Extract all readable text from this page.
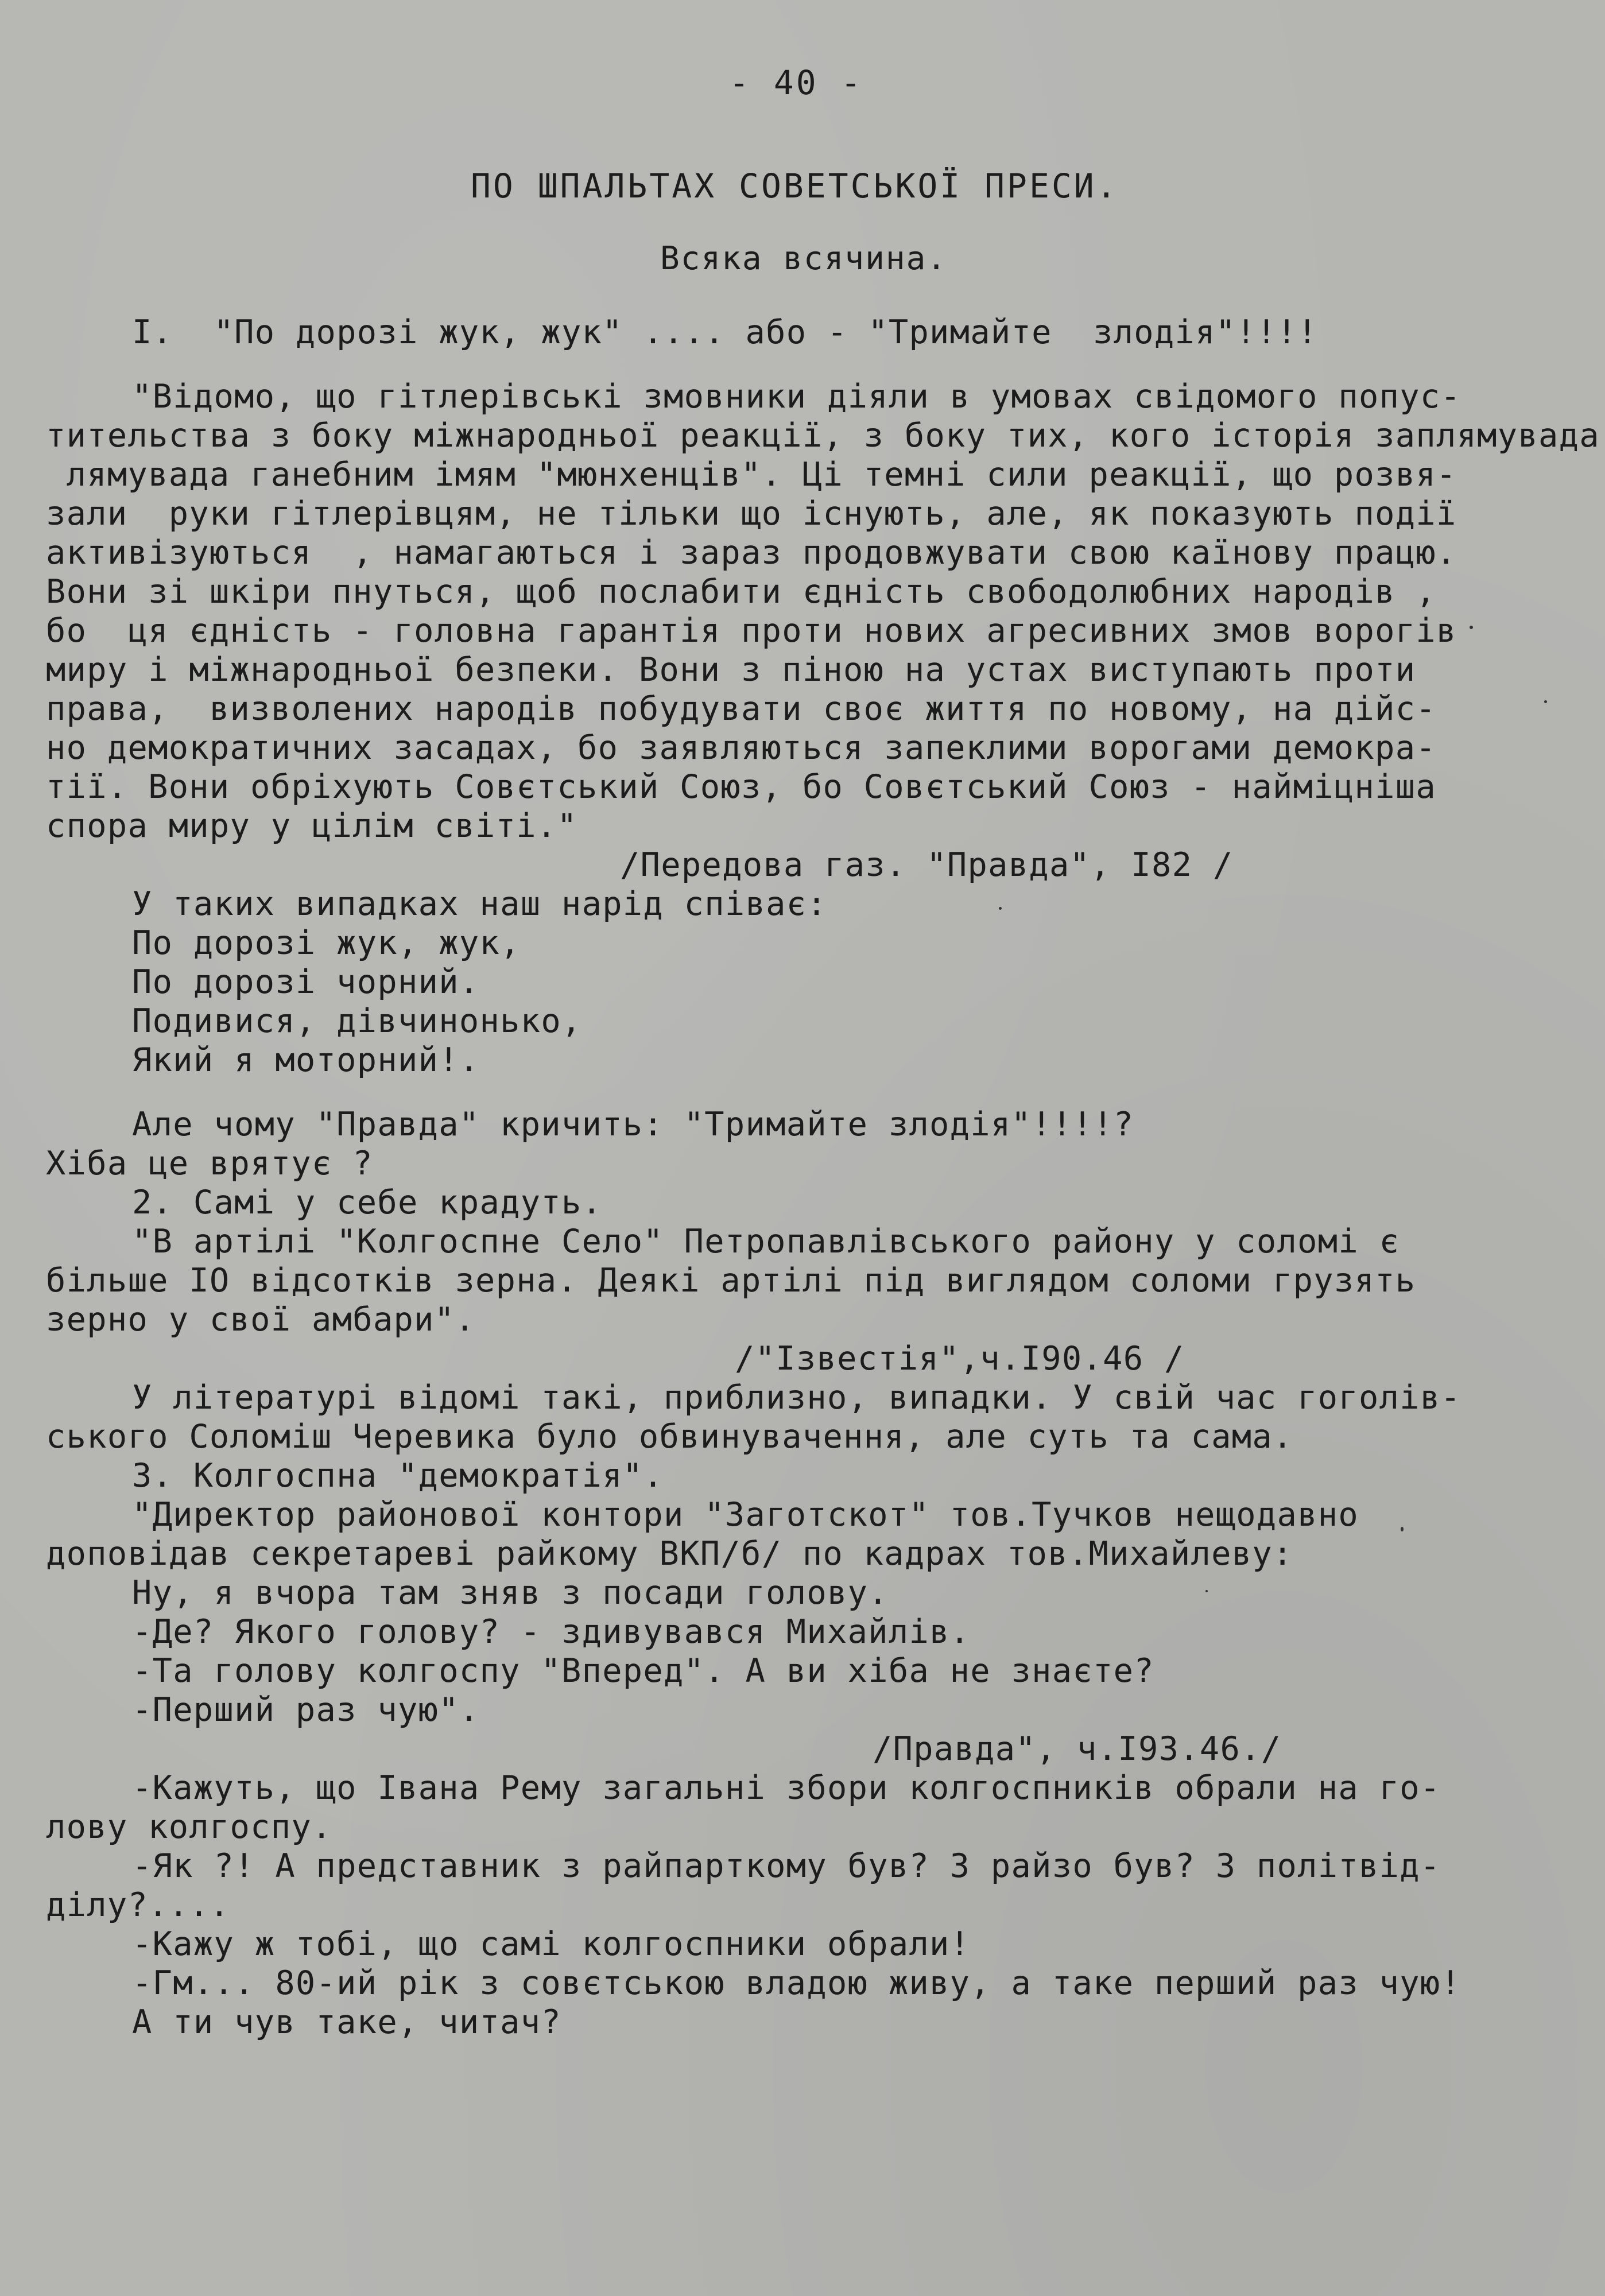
- 40 -
ПО ШПАЛЬТАХ СОВЕТСЬКОЇ ПРЕСИ.
Всяка всячина.
I.  "По дорозі жук, жук" .... або - "Тримайте  злодія"!!!!
"Відомо, що гітлерівські змовники діяли в умовах свідомого попус-
тительства з боку міжнародньої реакції, з боку тих, кого історія заплямувада
лямувада ганебним імям "мюнхенців". Ці темні сили реакції, що розвя-
зали  руки гітлерівцям, не тільки що існують, але, як показують події
активізуються  , намагаються і зараз продовжувати свою каїнову працю.
Вони зі шкіри пнуться, щоб послабити єдність свободолюбних народів ,
бо  ця єдність - головна гарантія проти нових агресивних змов ворогів
миру і міжнародньої безпеки. Вони з піною на устах виступають проти
права,  визволених народів побудувати своє життя по новому, на дійс-
но демократичних засадах, бо заявляються запеклими ворогами демокра-
тії. Вони обріхують Совєтський Союз, бо Совєтський Союз - найміцніша
спора миру у цілім світі."
/Передова газ. "Правда", I82 /
У таких випадках наш нарід співає:
По дорозі жук, жук,
По дорозі чорний.
Подивися, дівчинонько,
Який я моторний!.
Але чому "Правда" кричить: "Тримайте злодія"!!!!?
Хіба це врятує ?
2. Самі у себе крадуть.
"В артілі "Колгоспне Село" Петропавлівського району у соломі є
більше IO відсотків зерна. Деякі артілі під виглядом соломи грузять
зерно у свої амбари".
/"Ізвестія",ч.I90.46 /
У літературі відомі такі, приблизно, випадки. У свій час гоголів-
ського Соломіш Черевика було обвинувачення, але суть та сама.
3. Колгоспна "демократія".
"Директор районової контори "Заготскот" тов.Тучков нещодавно
доповідав секретареві райкому ВКП/б/ по кадрах тов.Михайлеву:
Ну, я вчора там зняв з посади голову.
-Де? Якого голову? - здивувався Михайлів.
-Та голову колгоспу "Вперед". А ви хіба не знаєте?
-Перший раз чую".
/Правда", ч.I93.46./
-Кажуть, що Івана Рему загальні збори колгоспників обрали на го-
лову колгоспу.
-Як ?! А представник з райпарткому був? З райзо був? З політвід-
ділу?....
-Кажу ж тобі, що самі колгоспники обрали!
-Гм... 80-ий рік з совєтською владою живу, а таке перший раз чую!
А ти чув таке, читач?
